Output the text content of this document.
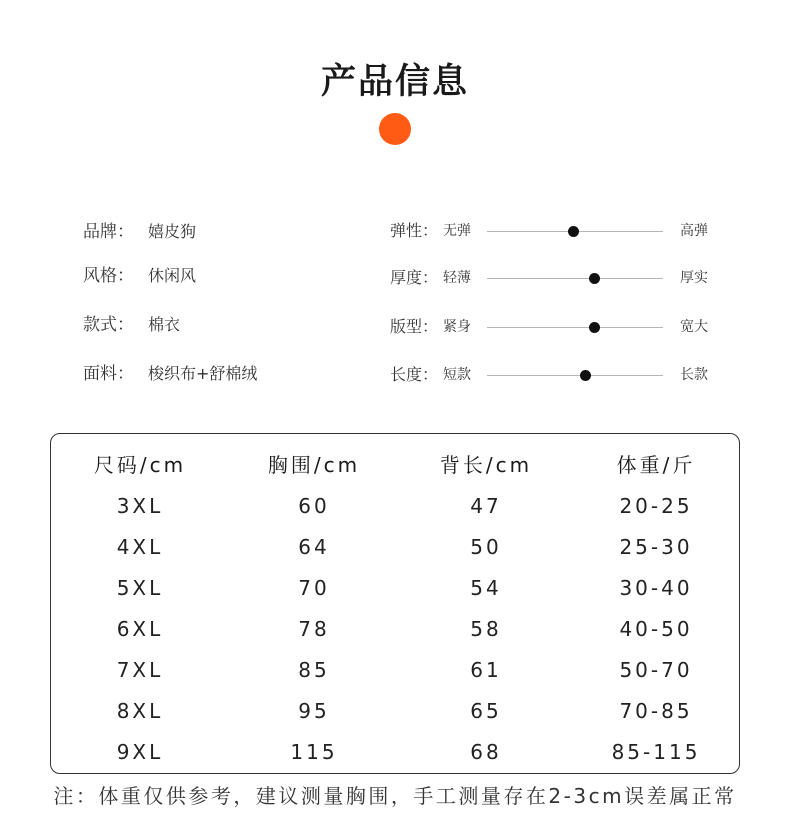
产品信息
品牌： 嬉皮狗
风格： 休闲风
款式： 棉衣
面料： 梭织布+舒棉绒
弹性： 无弹	高弹
厚度： 轻薄	厚实
版型： 紧身	宽大
长度： 短款	长款
尺码/cm	胸围/cm	背长/cm	体重/斤
3XL	60	47	20-25
4XL	64	50	25-30
5XL	70	54	30-40
6XL	78	58	40-50
7XL	85	61	50-70
8XL	95	65	70-85
9XL	115	68	85-115
注：体重仅供参考，建议测量胸围，手工测量存在2-3cm误差属正常
